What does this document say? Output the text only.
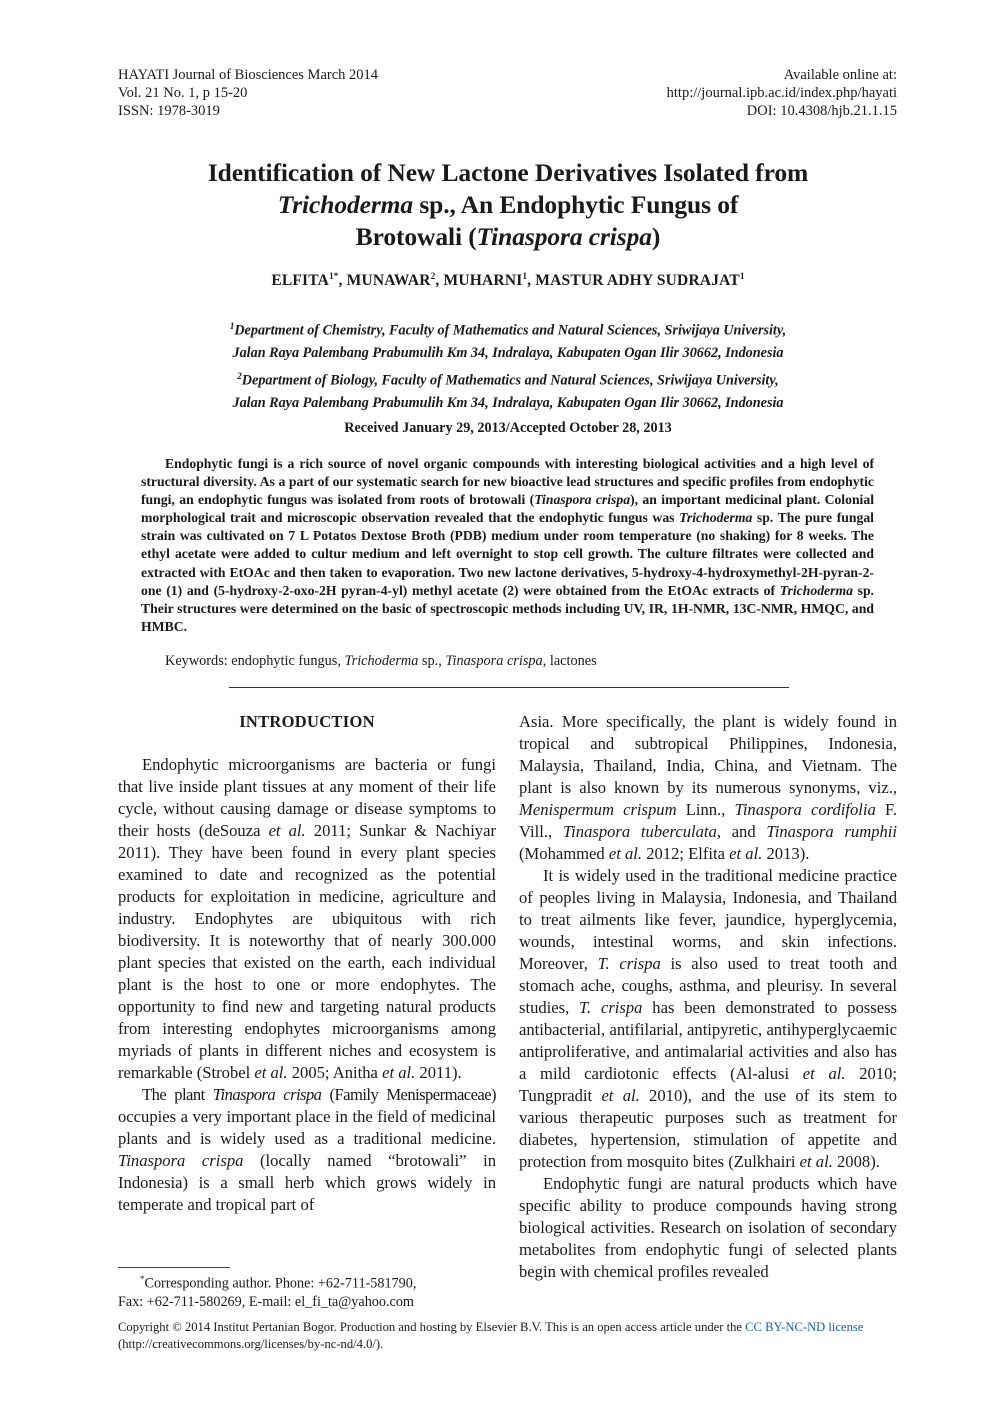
HAYATI Journal of Biosciences March 2014
Vol. 21 No. 1, p 15-20
ISSN: 1978-3019
Available online at:
http://journal.ipb.ac.id/index.php/hayati
DOI: 10.4308/hjb.21.1.15
Identification of New Lactone Derivatives Isolated from
Trichoderma sp., An Endophytic Fungus of
Brotowali (Tinaspora crispa)
$ELFITA^{1*}$, MUNAWAR$^2$, MUHARNI$^1$, MASTUR ADHY SUDRAJAT$^1$
$^1$Department of Chemistry, Faculty of Mathematics and Natural Sciences, Sriwijaya University,
Jalan Raya Palembang Prabumulih Km 34, Indralaya, Kabupaten Ogan Ilir 30662, Indonesia
$^2$Department of Biology, Faculty of Mathematics and Natural Sciences, Sriwijaya University,
Jalan Raya Palembang Prabumulih Km 34, Indralaya, Kabupaten Ogan Ilir 30662, Indonesia
Received January 29, 2013/Accepted October 28, 2013
Endophytic fungi is a rich source of novel organic compounds with interesting biological activities and a high level of structural diversity. As a part of our systematic search for new bioactive lead structures and specific profiles from endophytic fungi, an endophytic fungus was isolated from roots of brotowali (Tinaspora crispa), an important medicinal plant. Colonial morphological trait and microscopic observation revealed that the endophytic fungus was Trichoderma sp. The pure fungal strain was cultivated on 7 L Potatos Dextose Broth (PDB) medium under room temperature (no shaking) for 8 weeks. The ethyl acetate were added to cultur medium and left overnight to stop cell growth. The culture filtrates were collected and extracted with EtOAc and then taken to evaporation. Two new lactone derivatives, 5-hydroxy-4-hydroxymethyl-2H-pyran-2-one (1) and (5-hydroxy-2-oxo-2H pyran-4-yl) methyl acetate (2) were obtained from the EtOAc extracts of Trichoderma sp. Their structures were determined on the basic of spectroscopic methods including UV, IR, 1H-NMR, 13C-NMR, HMQC, and HMBC.
Keywords: endophytic fungus, Trichoderma sp., Tinaspora crispa, lactones

INTRODUCTION

Endophytic microorganisms are bacteria or fungi that live inside plant tissues at any moment of their life cycle, without causing damage or disease symptoms to their hosts (deSouza et al. 2011; Sunkar & Nachiyar 2011). They have been found in every plant species examined to date and recognized as the potential products for exploitation in medicine, agriculture and industry. Endophytes are ubiquitous with rich biodiversity. It is noteworthy that of nearly 300.000 plant species that existed on the earth, each individual plant is the host to one or more endophytes. The opportunity to find new and targeting natural products from interesting endophytes microorganisms among myriads of plants in different niches and ecosystem is remarkable (Strobel et al. 2005; Anitha et al. 2011).

The plant Tinaspora crispa (Family Menispermaceae) occupies a very important place in the field of medicinal plants and is widely used as a traditional medicine. Tinaspora crispa (locally named “brotowali” in Indonesia) is a small herb which grows widely in temperate and tropical part of

Asia. More specifically, the plant is widely found in tropical and subtropical Philippines, Indonesia, Malaysia, Thailand, India, China, and Vietnam. The plant is also known by its numerous synonyms, viz., Menispermum crispum Linn., Tinaspora cordifolia F. Vill., Tinaspora tuberculata, and Tinaspora rumphii (Mohammed et al. 2012; Elfita et al. 2013).

It is widely used in the traditional medicine practice of peoples living in Malaysia, Indonesia, and Thailand to treat ailments like fever, jaundice, hyperglycemia, wounds, intestinal worms, and skin infections. Moreover, T. crispa is also used to treat tooth and stomach ache, coughs, asthma, and pleurisy. In several studies, T. crispa has been demonstrated to possess antibacterial, antifilarial, antipyretic, antihyperglycaemic antiproliferative, and antimalarial activities and also has a mild cardiotonic effects (Al-alusi et al. 2010; Tungpradit et al. 2010), and the use of its stem to various therapeutic purposes such as treatment for diabetes, hypertension, stimulation of appetite and protection from mosquito bites (Zulkhairi et al. 2008).

Endophytic fungi are natural products which have specific ability to produce compounds having strong biological activities. Research on isolation of secondary metabolites from endophytic fungi of selected plants begin with chemical profiles revealed

*Corresponding author. Phone: +62-711-581790,
Fax: +62-711-580269, E-mail: el_fi_ta@yahoo.com
Copyright © 2014 Institut Pertanian Bogor. Production and hosting by Elsevier B.V. This is an open access article under the CC BY-NC-ND license
(http://creativecommons.org/licenses/by-nc-nd/4.0/).
